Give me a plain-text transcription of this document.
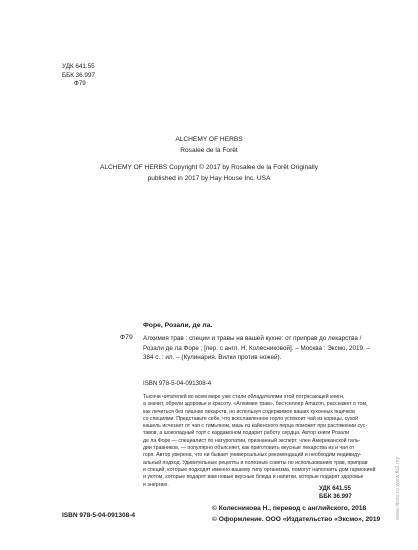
УДК 641.55
ББК 36.997
Ф79
ALCHEMY OF HERBS
Rosalee de la Forêt
ALCHEMY OF HERBS Copyright © 2017 by Rosalee de la Forêt Originally
published in 2017 by Hay House Inc. USA
Форе, Розали, де ла.
Ф79 Алхимия трав : специи и травы на вашей кухне: от приправ до лекарства /
Розали де ла Форе ; [пер. с англ. Н. Колесниковой]. – Москва : Эксмо, 2019. –
384 с. : ил. – (Кулинария. Вилки против ножей).
ISBN 978-5-04-091308-4
Тысячи читателей во всем мире уже стали обладателями этой потрясающей книги,
а значит, обрели здоровье и красоту. «Алхимия трав», бестселлер Amazon, расскажет о том,
как лечиться без лишних лекарств, но используя содержимое ваших кухонных ящичков
со специями. Представьте себе, что всеславленное горло успокоит чай из корицы, сухой
кашель исчезнет от чая с тимьяном, мазь из кайенского перца поможет при растяжении сус-
тавов, а шоколадный торт с кардамоном подарит работу сердца. Автор книги Розали
де ла Форе — специалист по натуропатии, признанный эксперт, член Американской гиль-
дии травников, — популярно объясняет, как приготовить вкусные лекарства из и чая от
горя. Автор уверена, что ни бывает универсальных рекомендаций и необходим индивиду-
альный подход. Удивительные рецепты и полезные советы по использованию трав, приправ
и специй, которые подходят именно вашему типу организма, помогут наполнить дом гармонией
и уютом, которые подарят вам новые вкусные блюда и напитки, которые подарят здоровье
и энергию.
УДК 641.55
ББК 36.997
ISBN 978-5-04-091308-4
© Колесникова Н., перевод с английского, 2018
© Оформление. ООО «Издательство «Эксмо», 2019	www.litres.ru www.fb2.my
